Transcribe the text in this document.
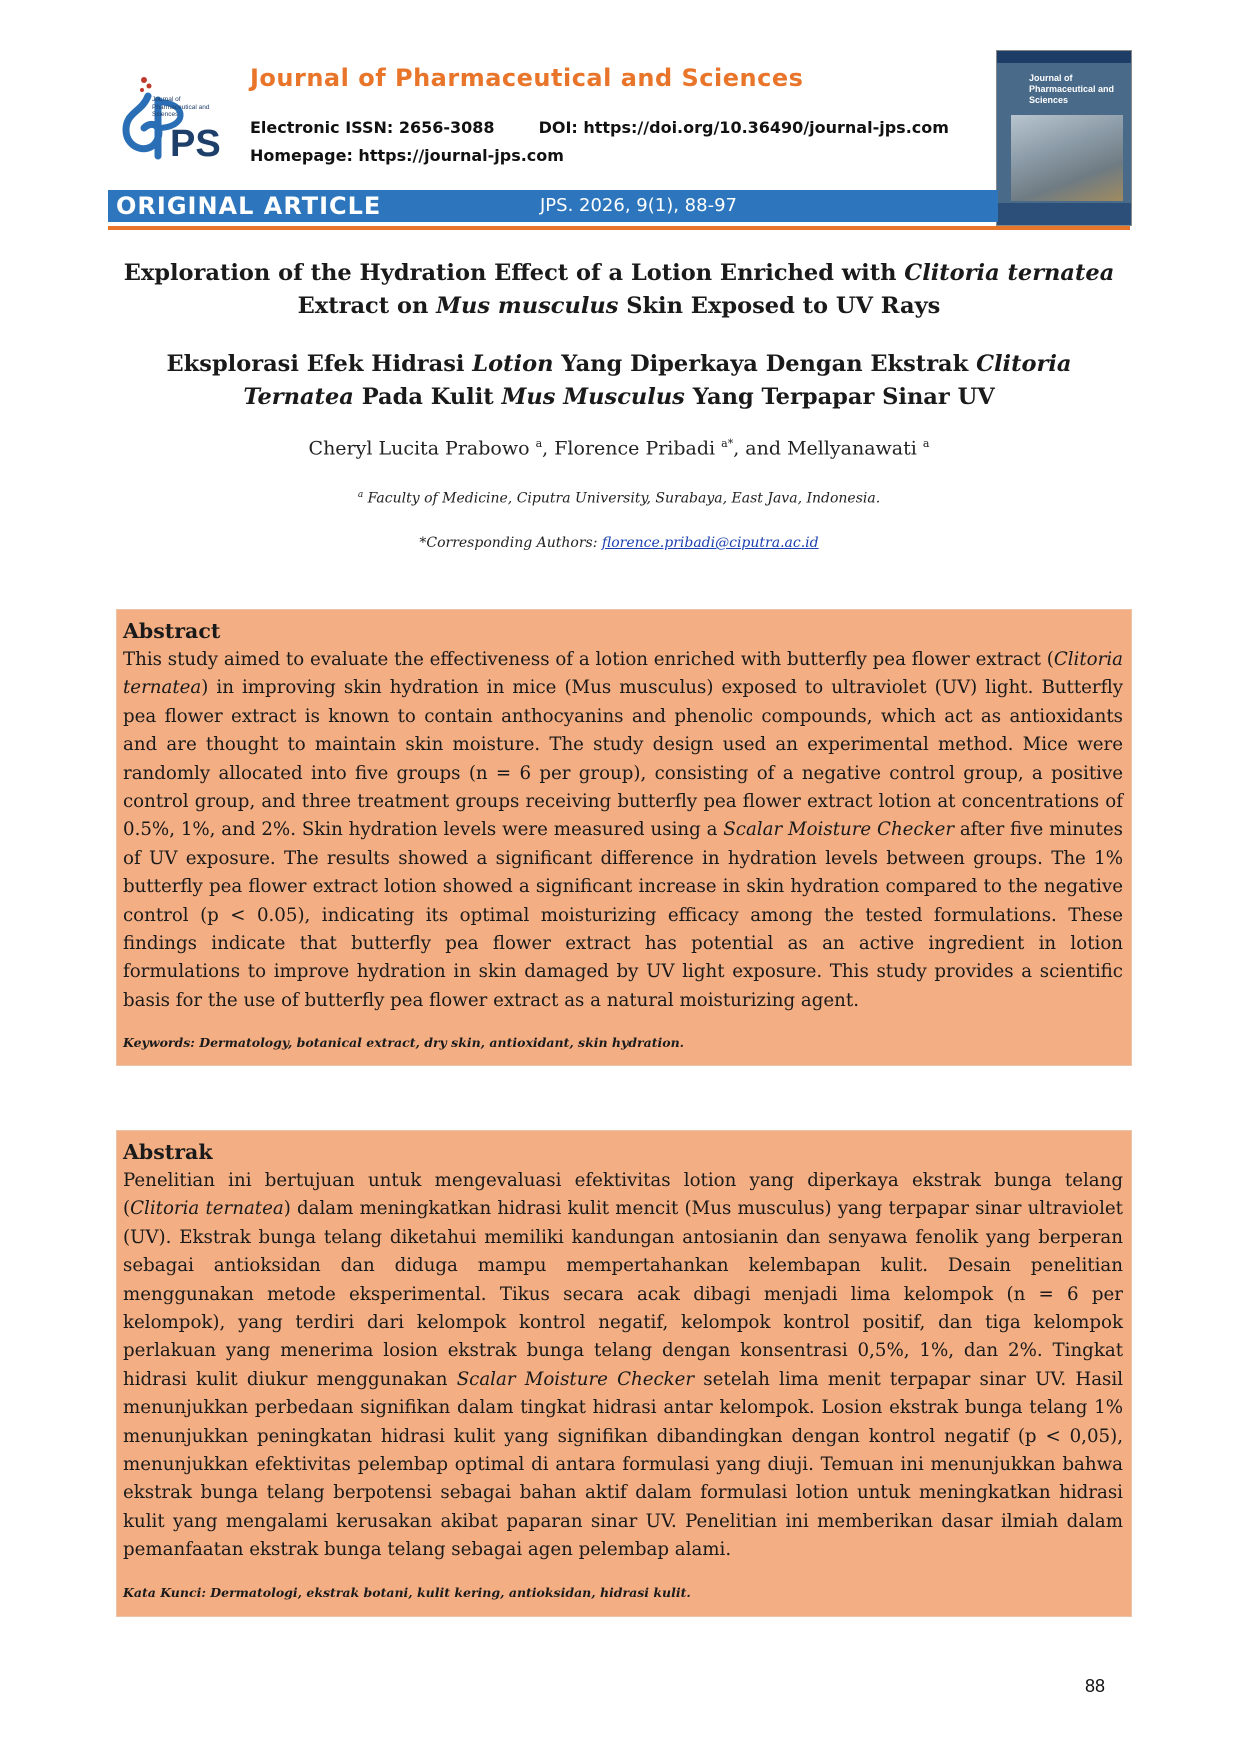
PS
Journal of Pharmaceutical and Sciences
Journal of Pharmaceutical and Sciences
Electronic ISSN: 2656-3088	DOI: https://doi.org/10.36490/journal-jps.com
Homepage: https://journal-jps.com
Journal of Pharmaceutical and Sciences
ORIGINAL ARTICLE	JPS. 2026, 9(1), 88-97
Exploration of the Hydration Effect of a Lotion Enriched with Clitoria ternatea Extract on Mus musculus Skin Exposed to UV Rays
Eksplorasi Efek Hidrasi Lotion Yang Diperkaya Dengan Ekstrak Clitoria Ternatea Pada Kulit Mus Musculus Yang Terpapar Sinar UV
Cheryl Lucita Prabowo $^a$, Florence Pribadi $^{a*}$, and Mellyanawati $^a$
$^a$ Faculty of Medicine, Ciputra University, Surabaya, East Java, Indonesia.
*Corresponding Authors: florence.pribadi@ciputra.ac.id
Abstract

This study aimed to evaluate the effectiveness of a lotion enriched with butterfly pea flower extract (Clitoria ternatea) in improving skin hydration in mice (Mus musculus) exposed to ultraviolet (UV) light. Butterfly pea flower extract is known to contain anthocyanins and phenolic compounds, which act as antioxidants and are thought to maintain skin moisture. The study design used an experimental method. Mice were randomly allocated into five groups (n = 6 per group), consisting of a negative control group, a positive control group, and three treatment groups receiving butterfly pea flower extract lotion at concentrations of 0.5%, 1%, and 2%. Skin hydration levels were measured using a Scalar Moisture Checker after five minutes of UV exposure. The results showed a significant difference in hydration levels between groups. The 1% butterfly pea flower extract lotion showed a significant increase in skin hydration compared to the negative control (p < 0.05), indicating its optimal moisturizing efficacy among the tested formulations. These findings indicate that butterfly pea flower extract has potential as an active ingredient in lotion formulations to improve hydration in skin damaged by UV light exposure. This study provides a scientific basis for the use of butterfly pea flower extract as a natural moisturizing agent.

Keywords: Dermatology, botanical extract, dry skin, antioxidant, skin hydration.
Abstrak

Penelitian ini bertujuan untuk mengevaluasi efektivitas lotion yang diperkaya ekstrak bunga telang (Clitoria ternatea) dalam meningkatkan hidrasi kulit mencit (Mus musculus) yang terpapar sinar ultraviolet (UV). Ekstrak bunga telang diketahui memiliki kandungan antosianin dan senyawa fenolik yang berperan sebagai antioksidan dan diduga mampu mempertahankan kelembapan kulit. Desain penelitian menggunakan metode eksperimental. Tikus secara acak dibagi menjadi lima kelompok (n = 6 per kelompok), yang terdiri dari kelompok kontrol negatif, kelompok kontrol positif, dan tiga kelompok perlakuan yang menerima losion ekstrak bunga telang dengan konsentrasi 0,5%, 1%, dan 2%. Tingkat hidrasi kulit diukur menggunakan Scalar Moisture Checker setelah lima menit terpapar sinar UV. Hasil menunjukkan perbedaan signifikan dalam tingkat hidrasi antar kelompok. Losion ekstrak bunga telang 1% menunjukkan peningkatan hidrasi kulit yang signifikan dibandingkan dengan kontrol negatif (p < 0,05), menunjukkan efektivitas pelembap optimal di antara formulasi yang diuji. Temuan ini menunjukkan bahwa ekstrak bunga telang berpotensi sebagai bahan aktif dalam formulasi lotion untuk meningkatkan hidrasi kulit yang mengalami kerusakan akibat paparan sinar UV. Penelitian ini memberikan dasar ilmiah dalam pemanfaatan ekstrak bunga telang sebagai agen pelembap alami.

Kata Kunci: Dermatologi, ekstrak botani, kulit kering, antioksidan, hidrasi kulit.
88
